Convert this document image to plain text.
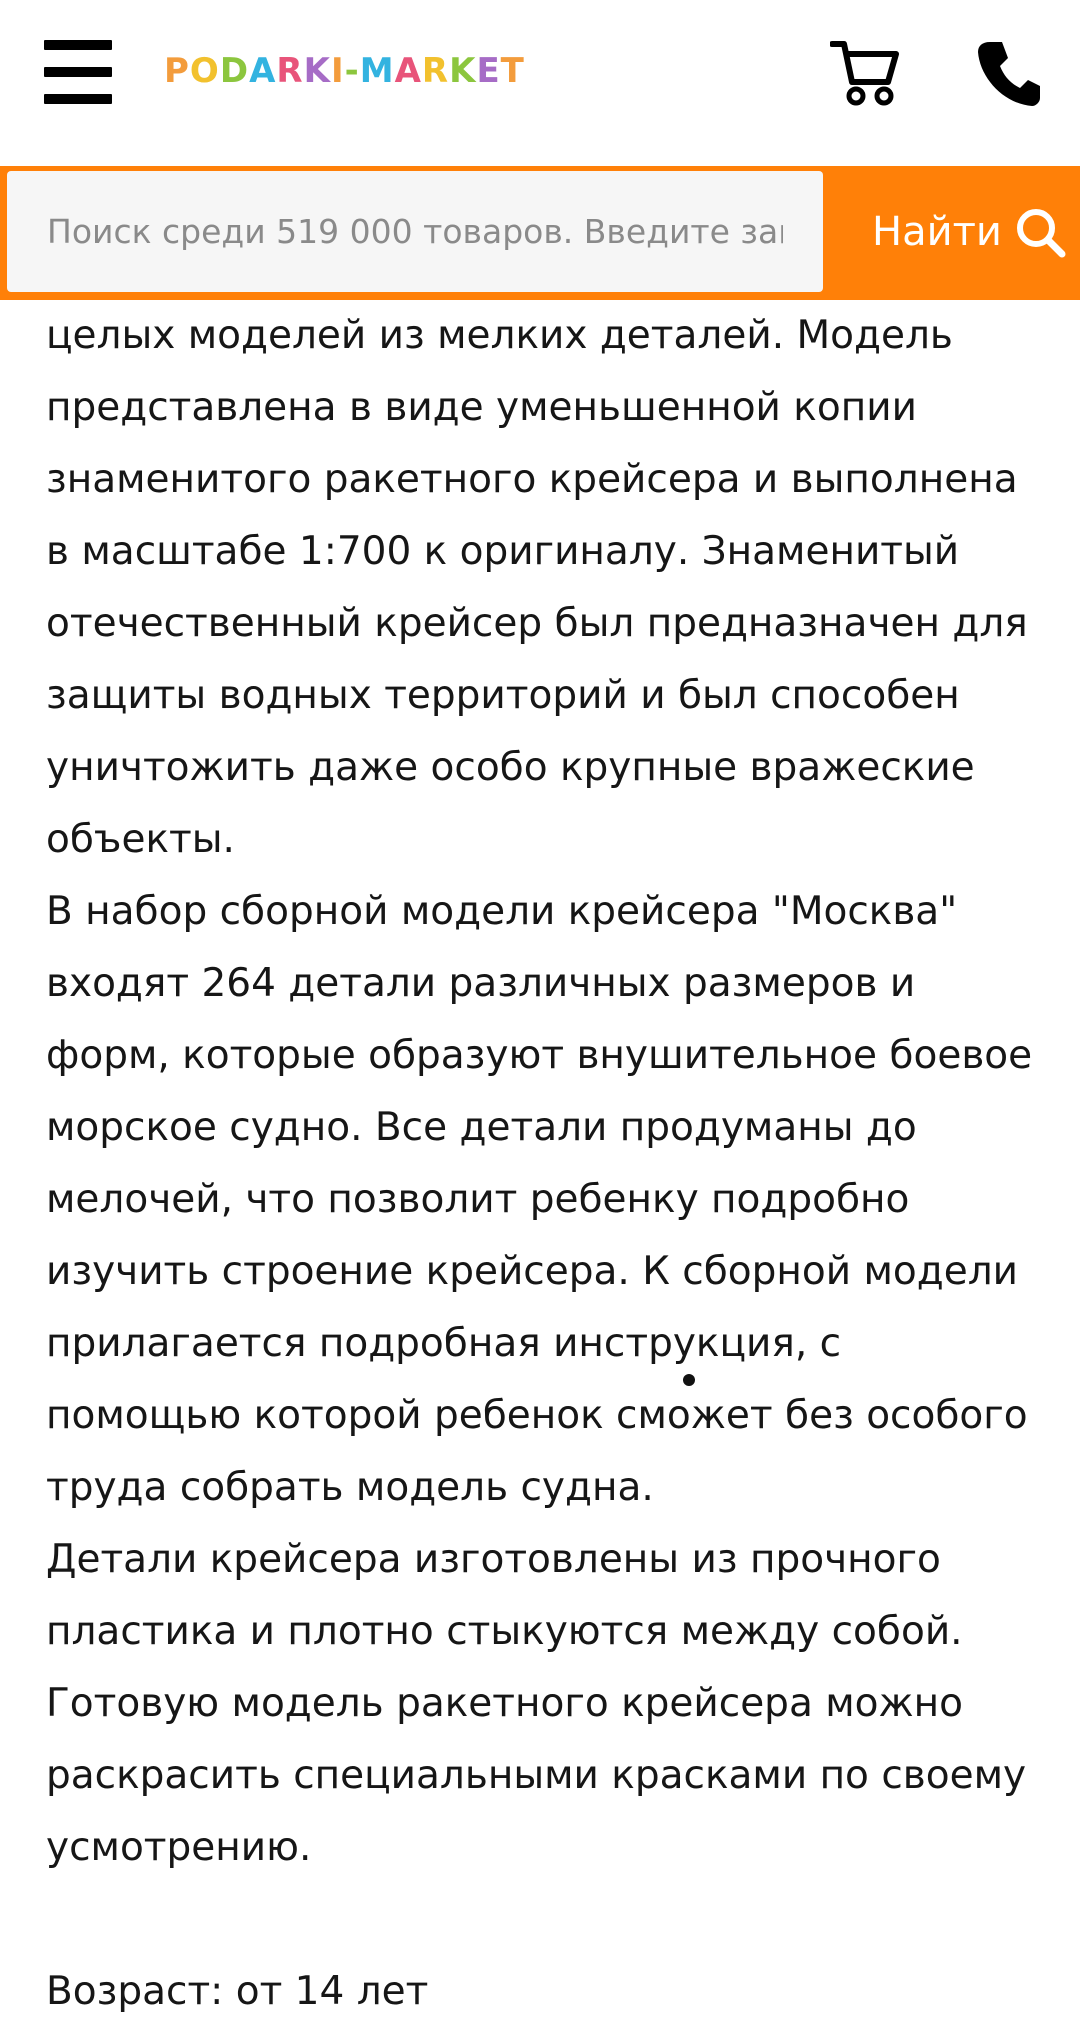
PODARKI-MARKET
Поиск среди 519 000 товаров. Введите запрос
Найти

целых моделей из мелких деталей. Модель представлена в виде уменьшенной копии знаменитого ракетного крейсера и выполнена в масштабе 1:700 к оригиналу. Знаменитый отечественный крейсер был предназначен для защиты водных территорий и был способен уничтожить даже особо крупные вражеские объекты.

В набор сборной модели крейсера "Москва" входят 264 детали различных размеров и форм, которые образуют внушительное боевое морское судно. Все детали продуманы до мелочей, что позволит ребенку подробно изучить строение крейсера. К сборной модели прилагается подробная инструкция, с помощью которой ребенок сможет без особого труда собрать модель судна.

Детали крейсера изготовлены из прочного пластика и плотно стыкуются между собой. Готовую модель ракетного крейсера можно раскрасить специальными красками по своему усмотрению.

Возраст: от 14 лет
